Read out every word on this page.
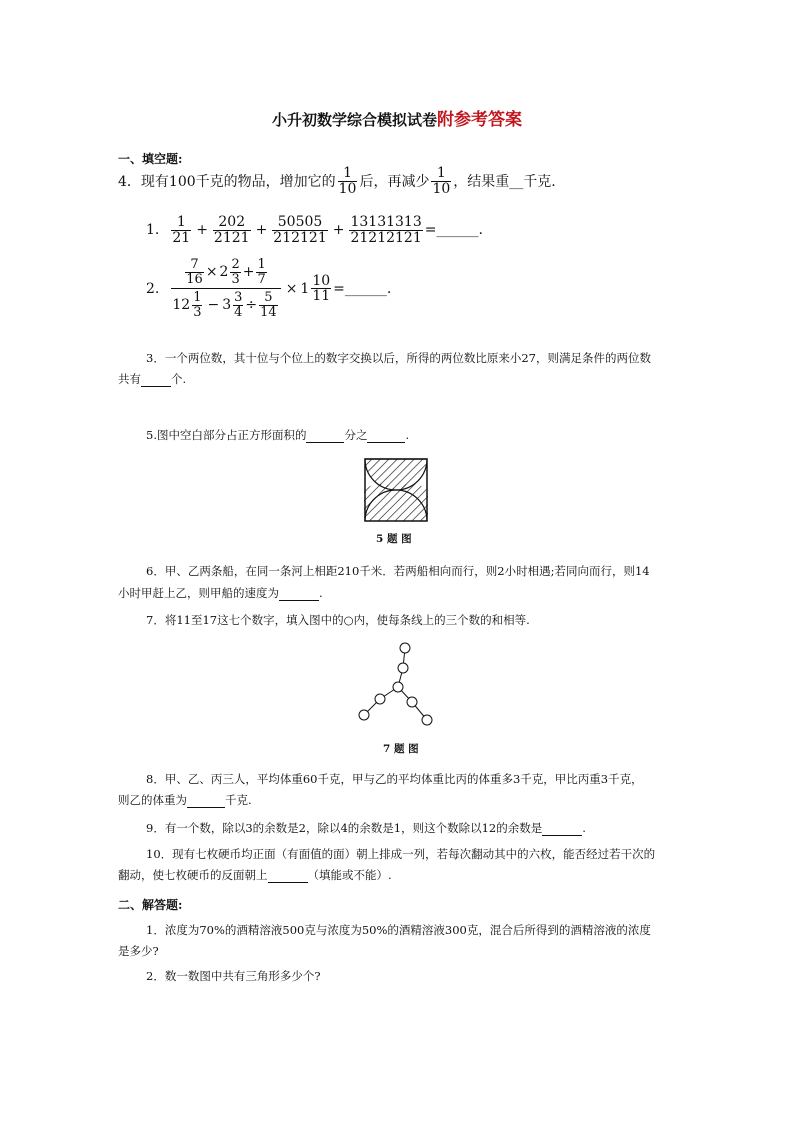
小升初数学综合模拟试卷附参考答案
一、填空题:
4．现有100千克的物品，增加它的 $\frac{1}{10}$ 后，再减少 $\frac{1}{10}$ ，结果重__千克.
1. $\frac{1}{21} + \frac{202}{2121} + \frac{50505}{212121} + \frac{13131313}{21212121}$ =______.
2. $\frac{\frac{7}{16} \times 2 \frac{2}{3} + \frac{1}{7}}{12 \frac{1}{3} - 3 \frac{3}{4} \div \frac{5}{14}} \times 1 \frac{10}{11}$ =______.
3．一个两位数，其十位与个位上的数字交换以后，所得的两位数比原来小27，则满足条件的两位数
共有	个.
5.图中空白部分占正方形面积的	分之	.
5 题 图
6．甲、乙两条船，在同一条河上相距210千米．若两船相向而行，则2小时相遇;若同向而行，则14
小时甲赶上乙，则甲船的速度为	.
7．将11至17这七个数字，填入图中的○内，使每条线上的三个数的和相等.
7 题 图
8．甲、乙、丙三人，平均体重60千克，甲与乙的平均体重比丙的体重多3千克，甲比丙重3千克，
则乙的体重为	千克.
9．有一个数，除以3的余数是2，除以4的余数是1，则这个数除以12的余数是	.
10．现有七枚硬币均正面（有面值的面）朝上排成一列，若每次翻动其中的六枚，能否经过若干次的
翻动，使七枚硬币的反面朝上	（填能或不能）.
二、解答题:
1．浓度为70%的酒精溶液500克与浓度为50%的酒精溶液300克，混合后所得到的酒精溶液的浓度
是多少?
2．数一数图中共有三角形多少个?
